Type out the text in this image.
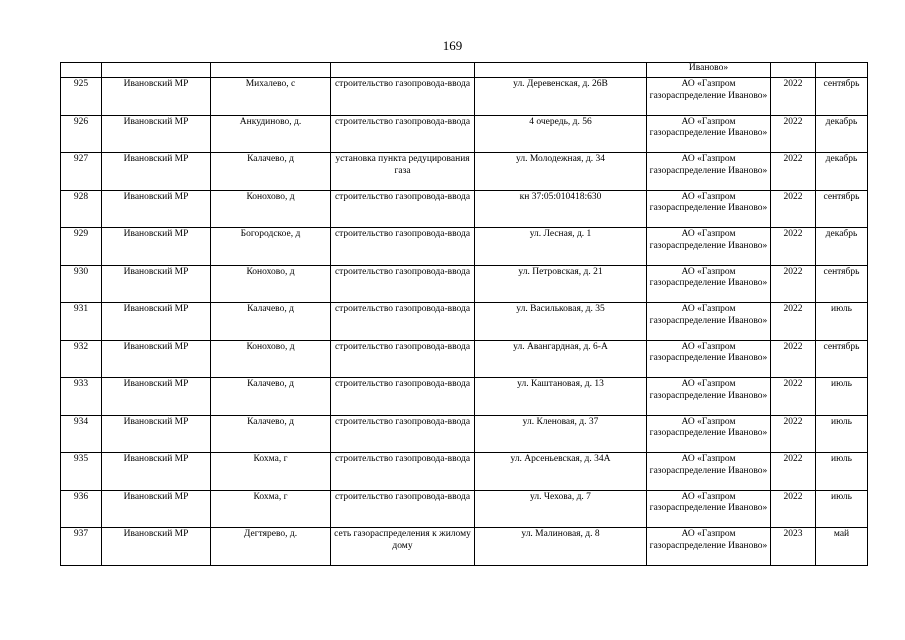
169
					Иваново»		
925	Ивановский МР	Михалево, с	строительство газопровода-ввода	ул. Деревенская, д. 26В	АО «Газпром газораспределение Иваново»	2022	сентябрь
926	Ивановский МР	Анкудиново, д.	строительство газопровода-ввода	4 очередь, д. 56	АО «Газпром газораспределение Иваново»	2022	декабрь
927	Ивановский МР	Калачево, д	установка пункта редуцирования газа	ул. Молодежная, д. 34	АО «Газпром газораспределение Иваново»	2022	декабрь
928	Ивановский МР	Конохово, д	строительство газопровода-ввода	кн 37:05:010418:630	АО «Газпром газораспределение Иваново»	2022	сентябрь
929	Ивановский МР	Богородское, д	строительство газопровода-ввода	ул. Лесная, д. 1	АО «Газпром газораспределение Иваново»	2022	декабрь
930	Ивановский МР	Конохово, д	строительство газопровода-ввода	ул. Петровская, д. 21	АО «Газпром газораспределение Иваново»	2022	сентябрь
931	Ивановский МР	Калачево, д	строительство газопровода-ввода	ул. Васильковая, д. 35	АО «Газпром газораспределение Иваново»	2022	июль
932	Ивановский МР	Конохово, д	строительство газопровода-ввода	ул. Авангардная, д. 6-А	АО «Газпром газораспределение Иваново»	2022	сентябрь
933	Ивановский МР	Калачево, д	строительство газопровода-ввода	ул. Каштановая, д. 13	АО «Газпром газораспределение Иваново»	2022	июль
934	Ивановский МР	Калачево, д	строительство газопровода-ввода	ул. Кленовая, д. 37	АО «Газпром газораспределение Иваново»	2022	июль
935	Ивановский МР	Кохма, г	строительство газопровода-ввода	ул. Арсеньевская, д. 34А	АО «Газпром газораспределение Иваново»	2022	июль
936	Ивановский МР	Кохма, г	строительство газопровода-ввода	ул. Чехова, д. 7	АО «Газпром газораспределение Иваново»	2022	июль
937	Ивановский МР	Дегтярево, д.	сеть газораспределения к жилому дому	ул. Малиновая, д. 8	АО «Газпром газораспределение Иваново»	2023	май
